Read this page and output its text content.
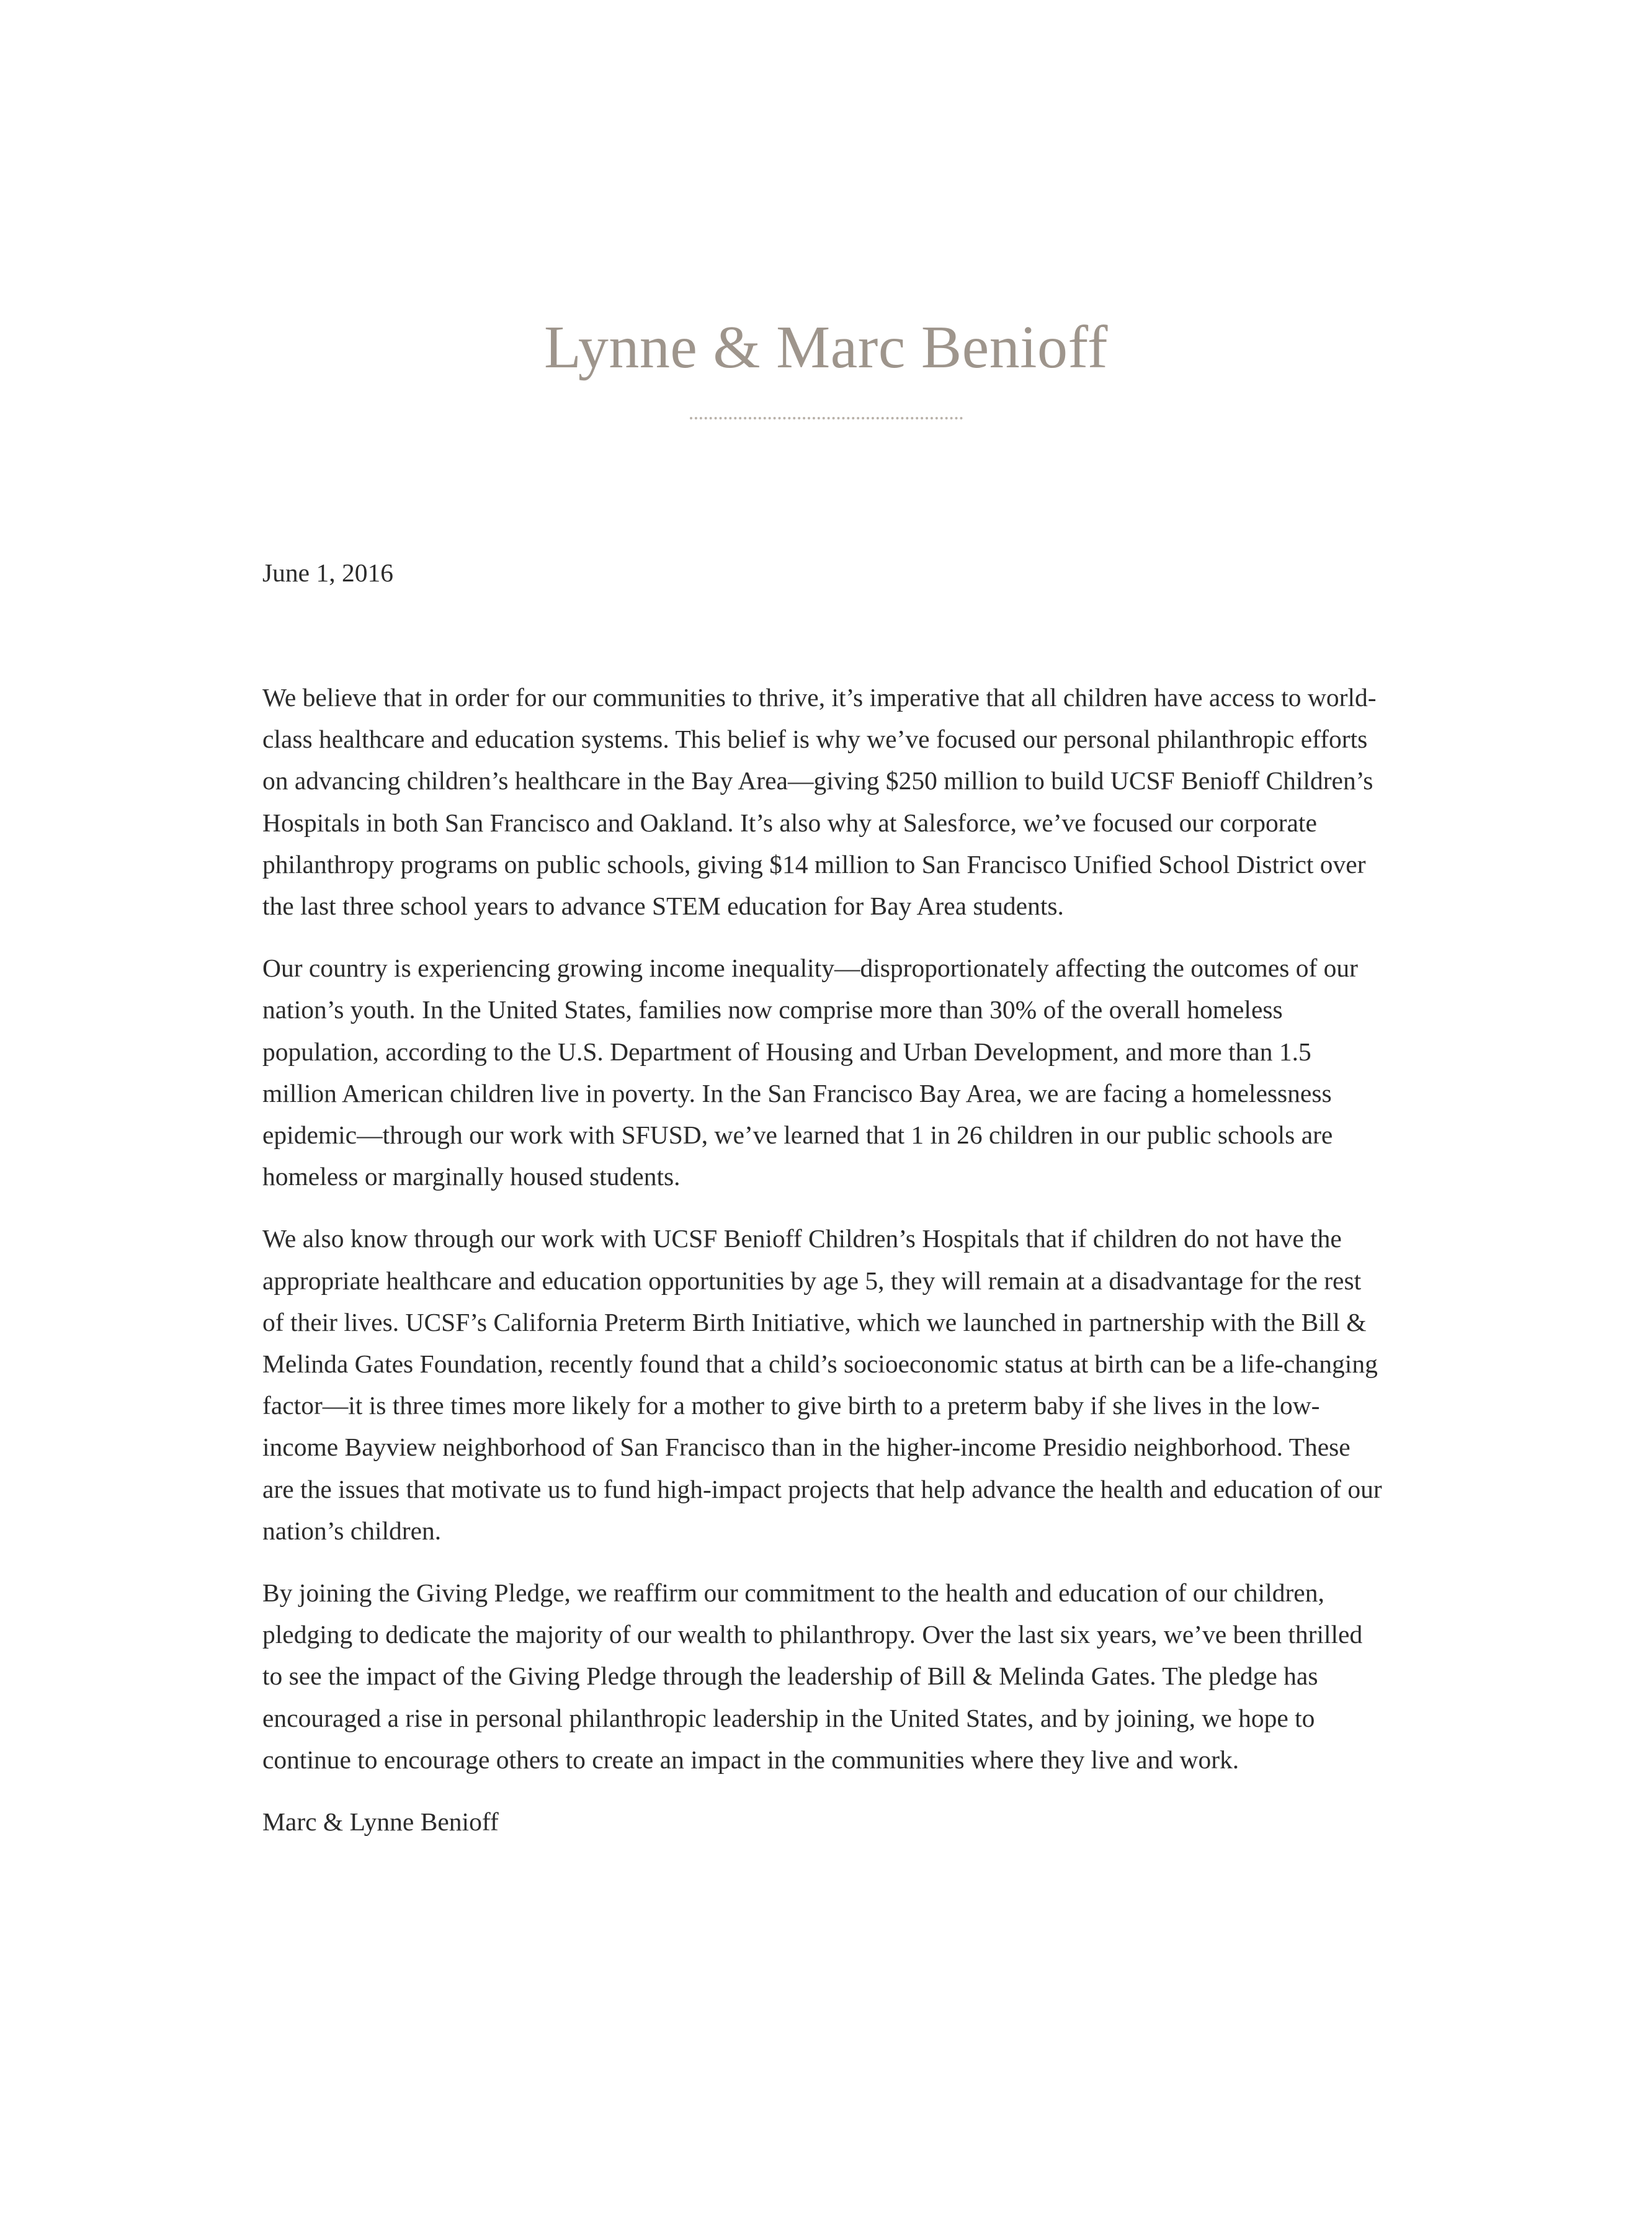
Lynne & Marc Benioff

June 1, 2016

We believe that in order for our communities to thrive, it’s imperative that all children have access to world-class healthcare and education systems. This belief is why we’ve focused our personal philanthropic efforts on advancing children’s healthcare in the Bay Area—giving $250 million to build UCSF Benioff Children’s Hospitals in both San Francisco and Oakland. It’s also why at Salesforce, we’ve focused our corporate philanthropy programs on public schools, giving $14 million to San Francisco Unified School District over the last three school years to advance STEM education for Bay Area students.

Our country is experiencing growing income inequality—disproportionately affecting the outcomes of our nation’s youth. In the United States, families now comprise more than 30% of the overall homeless population, according to the U.S. Department of Housing and Urban Development, and more than 1.5 million American children live in poverty. In the San Francisco Bay Area, we are facing a homelessness epidemic—through our work with SFUSD, we’ve learned that 1 in 26 children in our public schools are homeless or marginally housed students.

We also know through our work with UCSF Benioff Children’s Hospitals that if children do not have the appropriate healthcare and education opportunities by age 5, they will remain at a disadvantage for the rest of their lives. UCSF’s California Preterm Birth Initiative, which we launched in partnership with the Bill & Melinda Gates Foundation, recently found that a child’s socioeconomic status at birth can be a life-changing factor—it is three times more likely for a mother to give birth to a preterm baby if she lives in the low-income Bayview neighborhood of San Francisco than in the higher-income Presidio neighborhood. These are the issues that motivate us to fund high-impact projects that help advance the health and education of our nation’s children.

By joining the Giving Pledge, we reaffirm our commitment to the health and education of our children, pledging to dedicate the majority of our wealth to philanthropy. Over the last six years, we’ve been thrilled to see the impact of the Giving Pledge through the leadership of Bill & Melinda Gates. The pledge has encouraged a rise in personal philanthropic leadership in the United States, and by joining, we hope to continue to encourage others to create an impact in the communities where they live and work.

Marc & Lynne Benioff
